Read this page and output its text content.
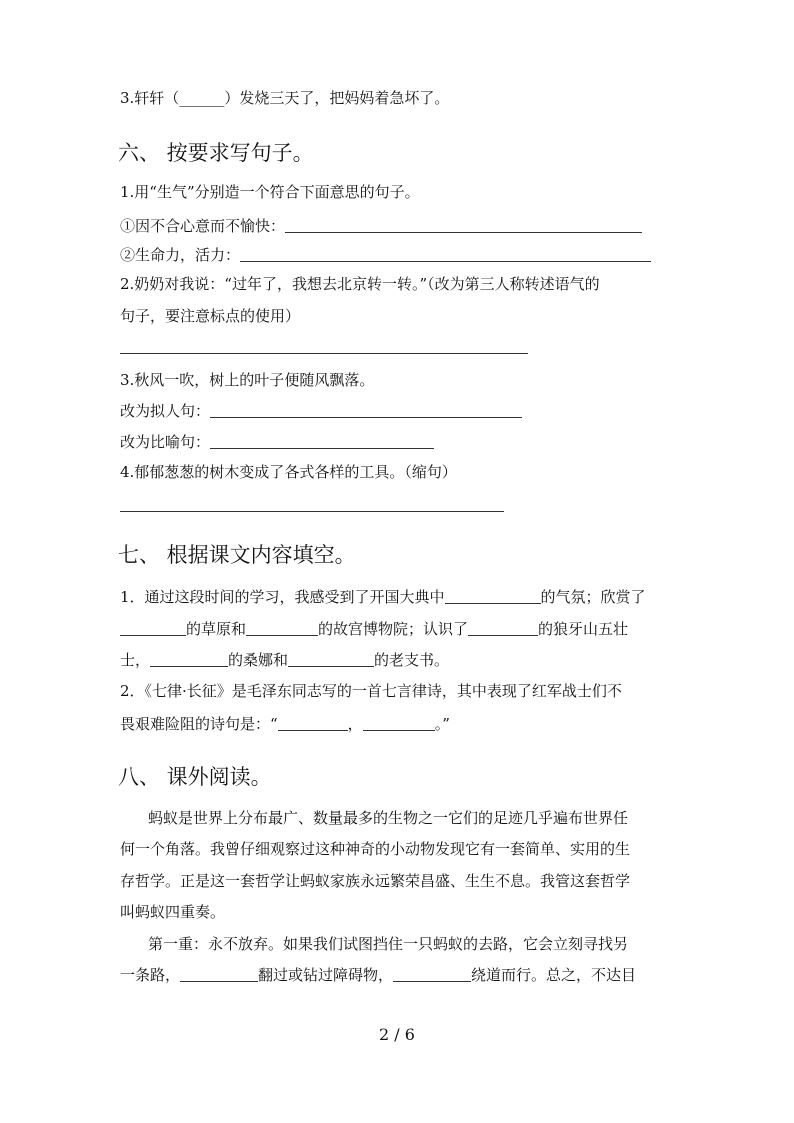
3.轩轩（______）发烧三天了，把妈妈着急坏了。
六、 按要求写句子。
1.用“生气”分别造一个符合下面意思的句子。
①因不合心意而不愉快：
②生命力，活力：
2.奶奶对我说：“过年了，我想去北京转一转。”（改为第三人称转述语气的
句子，要注意标点的使用）
3.秋风一吹，树上的叶子便随风飘落。
改为拟人句：
改为比喻句：
4.郁郁葱葱的树木变成了各式各样的工具。（缩句）
七、 根据课文内容填空。
1．通过这段时间的学习，我感受到了开国大典中	的气氛；欣赏了
的草原和	的故宫博物院；认识了	的狼牙山五壮
士，	的桑娜和	的老支书。
2．《七律·长征》是毛泽东同志写的一首七言律诗，其中表现了红军战士们不
畏艰难险阻的诗句是：“	，	。”
八、 课外阅读。
蚂蚁是世界上分布最广、数量最多的生物之一它们的足迹几乎遍布世界任
何一个角落。我曾仔细观察过这种神奇的小动物发现它有一套简单、实用的生
存哲学。正是这一套哲学让蚂蚁家族永远繁荣昌盛、生生不息。我管这套哲学
叫蚂蚁四重奏。
第一重：永不放弃。如果我们试图挡住一只蚂蚁的去路，它会立刻寻找另
一条路，	翻过或钻过障碍物，	绕道而行。总之，不达目
2 / 6
